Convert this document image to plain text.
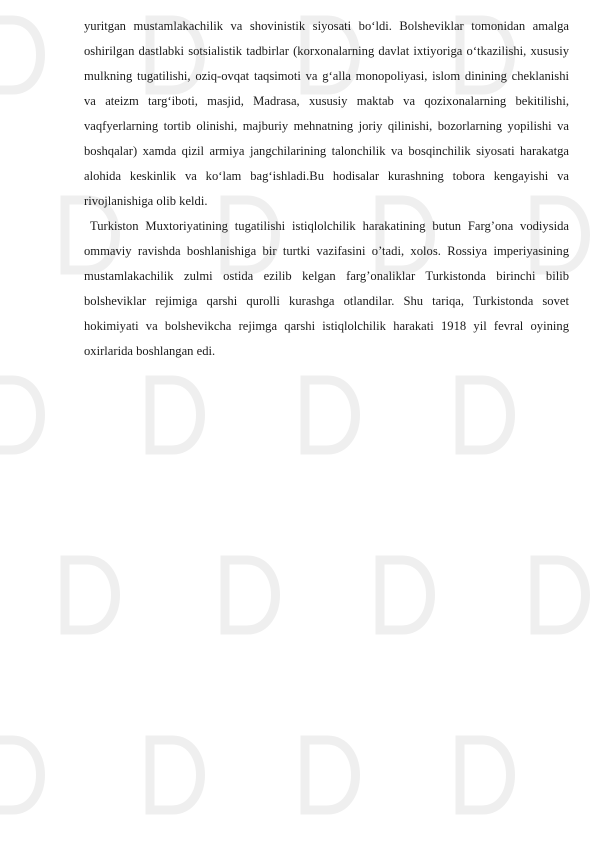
yuritgan mustamlakachilik va shovinistik siyosati boʻldi. Bolsheviklar tomonidan amalga oshirilgan dastlabki sotsialistik tadbirlar (korxonalarning davlat ixtiyoriga oʻtkazilishi, xususiy mulkning tugatilishi, oziq-ovqat taqsimoti va gʻalla monopoliyasi, islom dinining cheklanishi va ateizm targʻiboti, masjid, Madrasa, xususiy maktab va qozixonalarning bekitilishi, vaqfyerlarning tortib olinishi, majburiy mehnatning joriy qilinishi, bozorlarning yopilishi va boshqalar) xamda qizil armiya jangchilarining talonchilik va bosqinchilik siyosati harakatga alohida keskinlik va koʻlam bagʻishladi.Bu hodisalar kurashning tobora kengayishi va rivojlanishiga olib keldi.

Turkiston Muxtoriyatining tugatilishi istiqlolchilik harakatining butun Farg’ona vodiysida ommaviy ravishda boshlanishiga bir turtki vazifasini o’tadi, xolos. Rossiya imperiyasining mustamlakachilik zulmi ostida ezilib kelgan farg’onaliklar Turkistonda birinchi bilib bolsheviklar rejimiga qarshi qurolli kurashga otlandilar. Shu tariqa, Turkistonda sovet hokimiyati va bolshevikcha rejimga qarshi istiqlolchilik harakati 1918 yil fevral oyining oxirlarida boshlangan edi.
